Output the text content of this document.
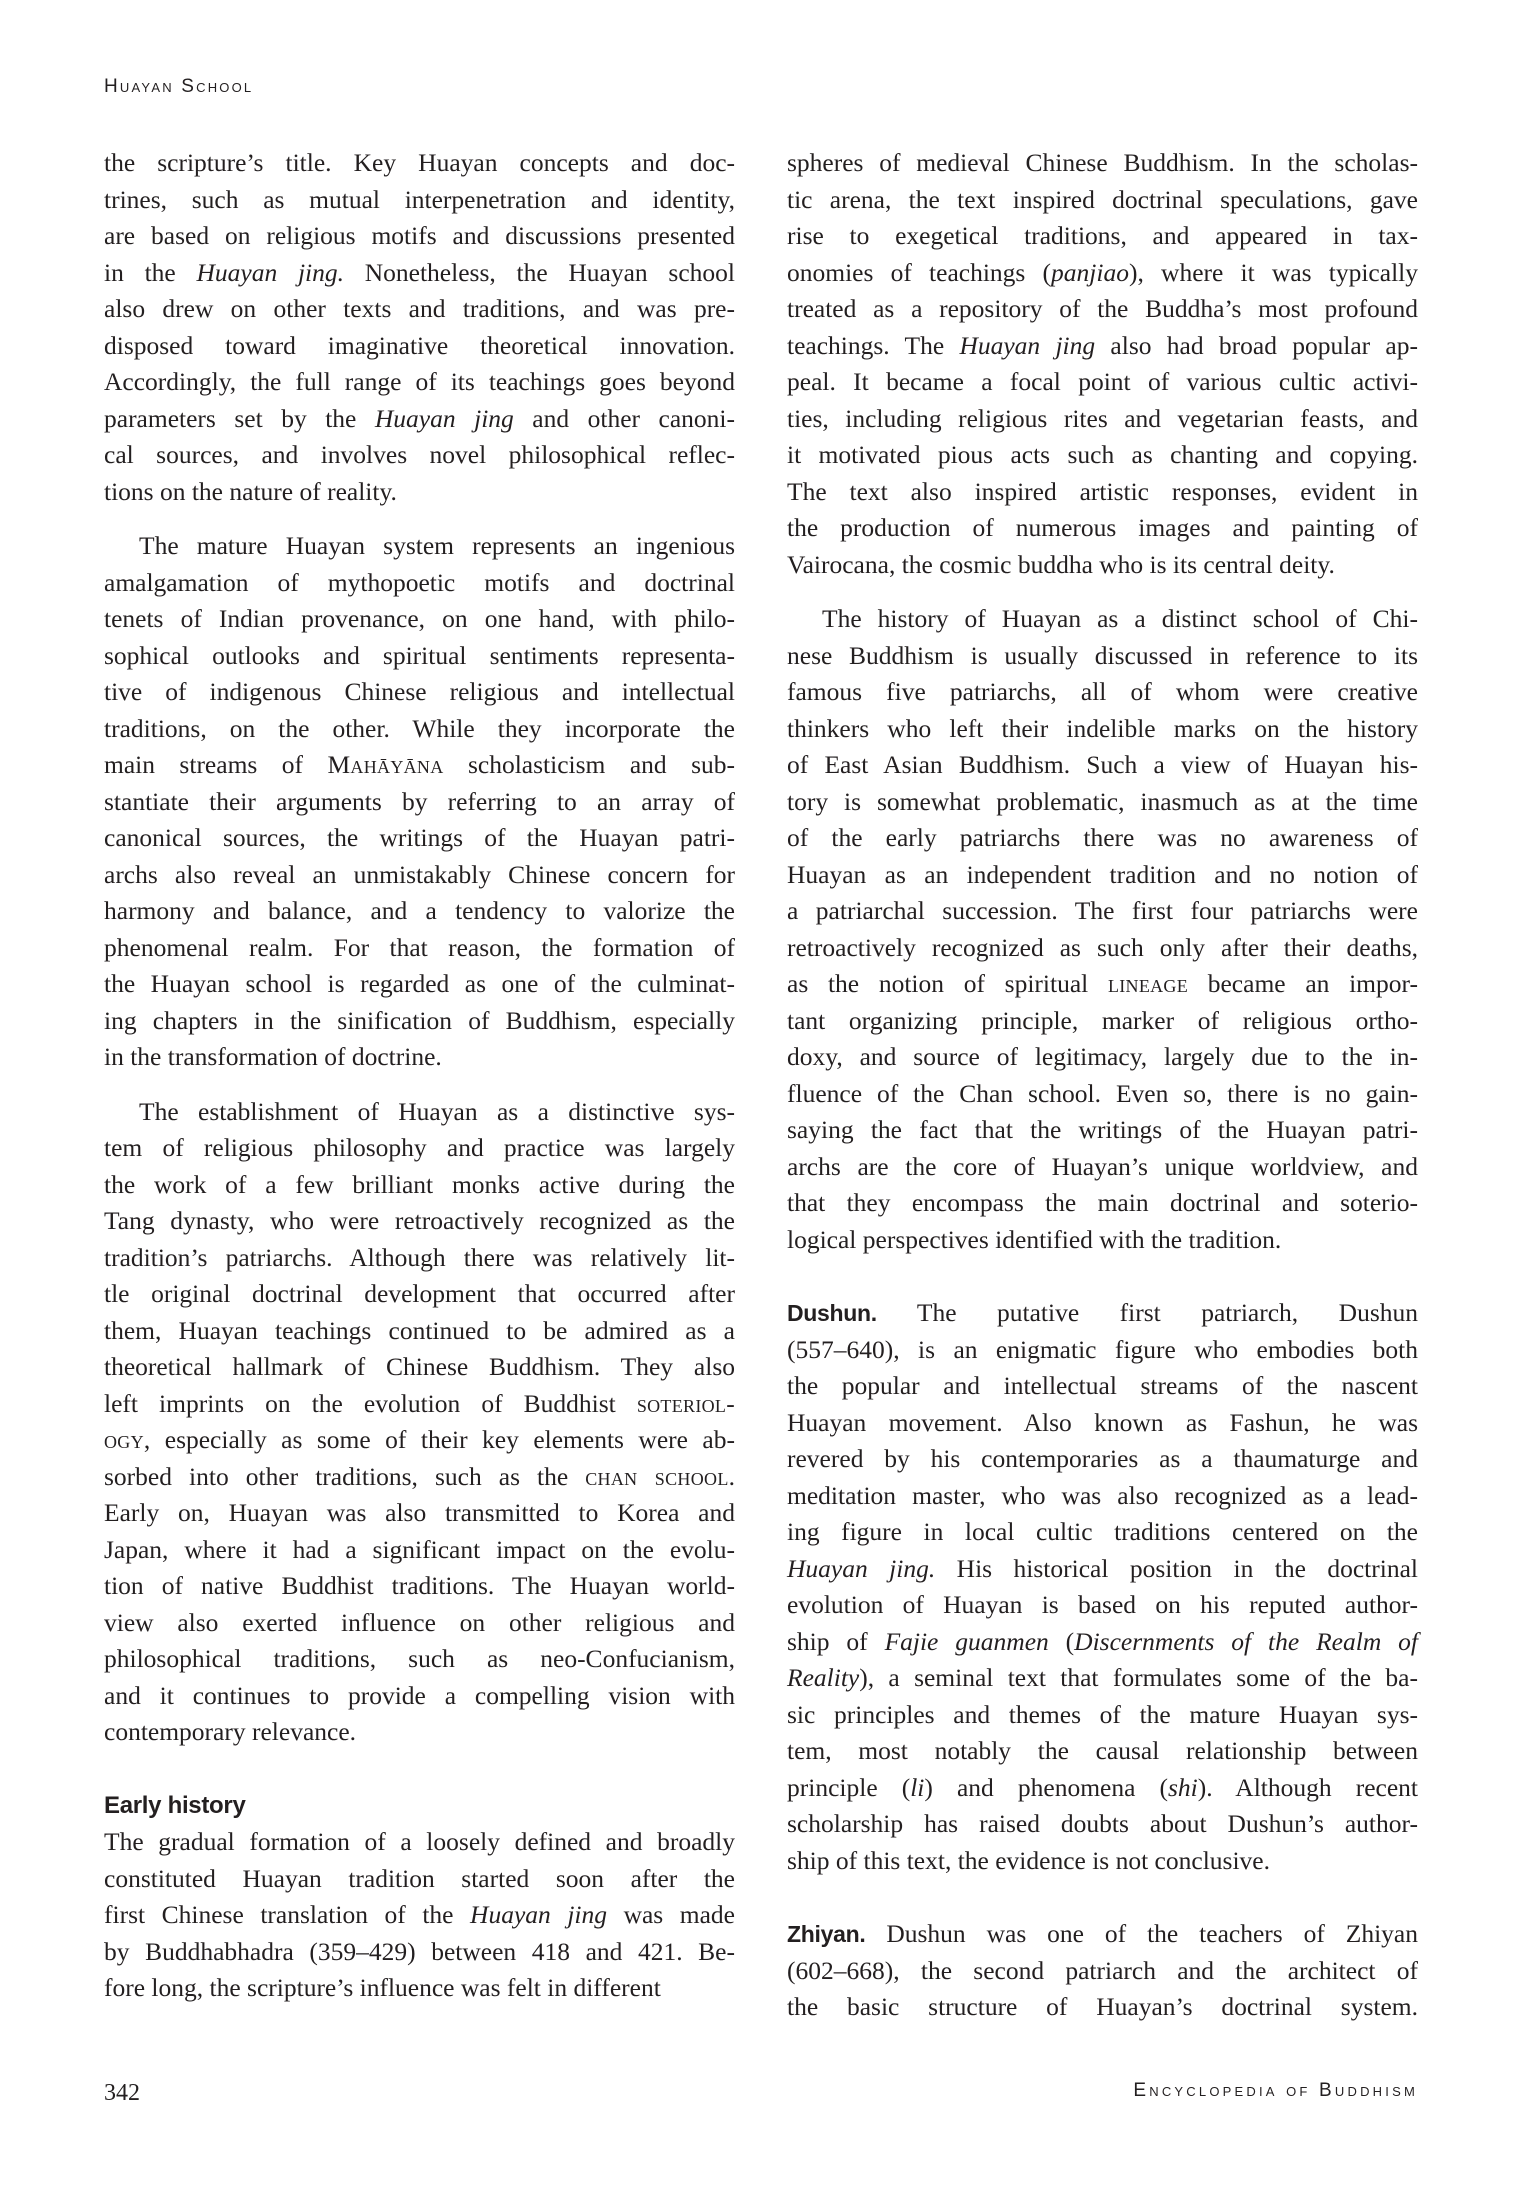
Huayan School
the scripture’s title. Key Huayan concepts and doc-
trines, such as mutual interpenetration and identity,
are based on religious motifs and discussions presented
in the Huayan jing. Nonetheless, the Huayan school
also drew on other texts and traditions, and was pre-
disposed toward imaginative theoretical innovation.
Accordingly, the full range of its teachings goes beyond
parameters set by the Huayan jing and other canoni-
cal sources, and involves novel philosophical reflec-
tions on the nature of reality.
The mature Huayan system represents an ingenious
amalgamation of mythopoetic motifs and doctrinal
tenets of Indian provenance, on one hand, with philo-
sophical outlooks and spiritual sentiments representa-
tive of indigenous Chinese religious and intellectual
traditions, on the other. While they incorporate the
main streams of Mahāyāna scholasticism and sub-
stantiate their arguments by referring to an array of
canonical sources, the writings of the Huayan patri-
archs also reveal an unmistakably Chinese concern for
harmony and balance, and a tendency to valorize the
phenomenal realm. For that reason, the formation of
the Huayan school is regarded as one of the culminat-
ing chapters in the sinification of Buddhism, especially
in the transformation of doctrine.
The establishment of Huayan as a distinctive sys-
tem of religious philosophy and practice was largely
the work of a few brilliant monks active during the
Tang dynasty, who were retroactively recognized as the
tradition’s patriarchs. Although there was relatively lit-
tle original doctrinal development that occurred after
them, Huayan teachings continued to be admired as a
theoretical hallmark of Chinese Buddhism. They also
left imprints on the evolution of Buddhist soteriol-
ogy, especially as some of their key elements were ab-
sorbed into other traditions, such as the chan school.
Early on, Huayan was also transmitted to Korea and
Japan, where it had a significant impact on the evolu-
tion of native Buddhist traditions. The Huayan world-
view also exerted influence on other religious and
philosophical traditions, such as neo-Confucianism,
and it continues to provide a compelling vision with
contemporary relevance.
Early history
The gradual formation of a loosely defined and broadly
constituted Huayan tradition started soon after the
first Chinese translation of the Huayan jing was made
by Buddhabhadra (359–429) between 418 and 421. Be-
fore long, the scripture’s influence was felt in different
spheres of medieval Chinese Buddhism. In the scholas-
tic arena, the text inspired doctrinal speculations, gave
rise to exegetical traditions, and appeared in tax-
onomies of teachings (panjiao), where it was typically
treated as a repository of the Buddha’s most profound
teachings. The Huayan jing also had broad popular ap-
peal. It became a focal point of various cultic activi-
ties, including religious rites and vegetarian feasts, and
it motivated pious acts such as chanting and copying.
The text also inspired artistic responses, evident in
the production of numerous images and painting of
Vairocana, the cosmic buddha who is its central deity.
The history of Huayan as a distinct school of Chi-
nese Buddhism is usually discussed in reference to its
famous five patriarchs, all of whom were creative
thinkers who left their indelible marks on the history
of East Asian Buddhism. Such a view of Huayan his-
tory is somewhat problematic, inasmuch as at the time
of the early patriarchs there was no awareness of
Huayan as an independent tradition and no notion of
a patriarchal succession. The first four patriarchs were
retroactively recognized as such only after their deaths,
as the notion of spiritual lineage became an impor-
tant organizing principle, marker of religious ortho-
doxy, and source of legitimacy, largely due to the in-
fluence of the Chan school. Even so, there is no gain-
saying the fact that the writings of the Huayan patri-
archs are the core of Huayan’s unique worldview, and
that they encompass the main doctrinal and soterio-
logical perspectives identified with the tradition.
Dushun. The putative first patriarch, Dushun
(557–640), is an enigmatic figure who embodies both
the popular and intellectual streams of the nascent
Huayan movement. Also known as Fashun, he was
revered by his contemporaries as a thaumaturge and
meditation master, who was also recognized as a lead-
ing figure in local cultic traditions centered on the
Huayan jing. His historical position in the doctrinal
evolution of Huayan is based on his reputed author-
ship of Fajie guanmen (Discernments of the Realm of
Reality), a seminal text that formulates some of the ba-
sic principles and themes of the mature Huayan sys-
tem, most notably the causal relationship between
principle (li) and phenomena (shi). Although recent
scholarship has raised doubts about Dushun’s author-
ship of this text, the evidence is not conclusive.
Zhiyan. Dushun was one of the teachers of Zhiyan
(602–668), the second patriarch and the architect of
the basic structure of Huayan’s doctrinal system.
342	Encyclopedia of Buddhism
